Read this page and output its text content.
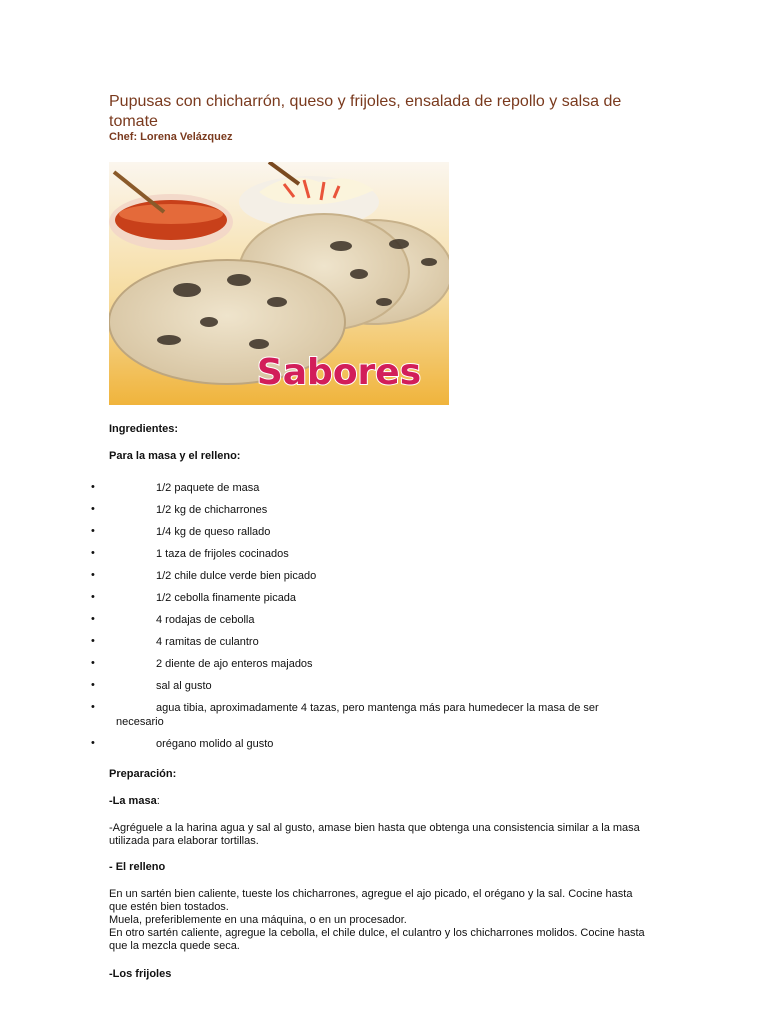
Pupusas con chicharrón, queso y frijoles, ensalada de repollo y salsa de tomate
Chef: Lorena Velázquez
Sabores
Ingredientes:
Para la masa y el relleno:
•	1/2 paquete de masa
•	1/2 kg de chicharrones
•	1/4 kg de queso rallado
•	1 taza de frijoles cocinados
•	1/2 chile dulce verde bien picado
•	1/2 cebolla finamente picada
•	4 rodajas de cebolla
•	4 ramitas de culantro
•	2 diente de ajo enteros majados
•	sal al gusto
•	agua tibia, aproximadamente 4 tazas, pero mantenga más para humedecer la masa de ser necesario
•	orégano molido al gusto
Preparación:
-La masa:
-Agréguele a la harina agua y sal al gusto, amase bien hasta que obtenga una consistencia similar a la masa utilizada para elaborar tortillas.
- El relleno
En un sartén bien caliente, tueste los chicharrones, agregue el ajo picado, el orégano y la sal. Cocine hasta que estén bien tostados.
Muela, preferiblemente en una máquina, o en un procesador.
En otro sartén caliente, agregue la cebolla, el chile dulce, el culantro y los chicharrones molidos. Cocine hasta que la mezcla quede seca.
-Los frijoles
